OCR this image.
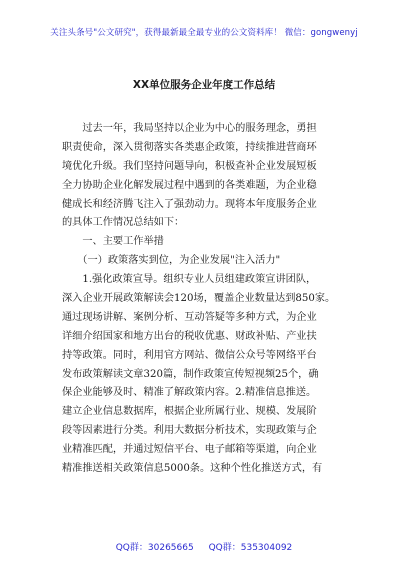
关注头条号"公文研究"，获得最新最全最专业的公文资料库！ 微信：gongwenyj
XX单位服务企业年度工作总结
　　过去一年，我局坚持以企业为中心的服务理念，勇担
职责使命，深入贯彻落实各类惠企政策，持续推进营商环
境优化升级。我们坚持问题导向，积极查补企业发展短板
全力协助企业化解发展过程中遇到的各类难题，为企业稳
健成长和经济腾飞注入了强劲动力。现将本年度服务企业
的具体工作情况总结如下：
　　一、主要工作举措
　　（一）政策落实到位，为企业发展"注入活力"
　　1.强化政策宣导。组织专业人员组建政策宣讲团队，
深入企业开展政策解读会120场，覆盖企业数量达到850家。
通过现场讲解、案例分析、互动答疑等多种方式，为企业
详细介绍国家和地方出台的税收优惠、财政补贴、产业扶
持等政策。同时，利用官方网站、微信公众号等网络平台
发布政策解读文章320篇，制作政策宣传短视频25个，确
保企业能够及时、精准了解政策内容。2.精准信息推送。
建立企业信息数据库，根据企业所属行业、规模、发展阶
段等因素进行分类。利用大数据分析技术，实现政策与企
业精准匹配，并通过短信平台、电子邮箱等渠道，向企业
精准推送相关政策信息5000条。这种个性化推送方式，有
QQ群：30265665 QQ群：535304092
